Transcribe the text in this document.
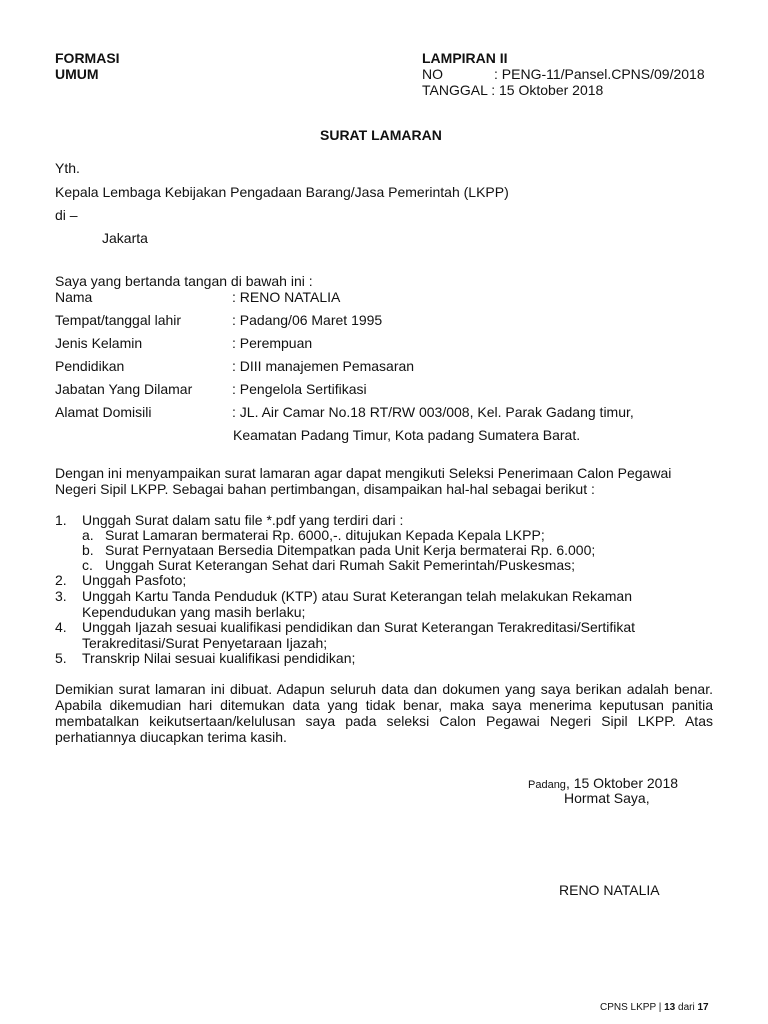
FORMASI
UMUM
LAMPIRAN II
NO	: PENG-11/Pansel.CPNS/09/2018
TANGGAL : 15 Oktober 2018
SURAT LAMARAN
Yth.
Kepala Lembaga Kebijakan Pengadaan Barang/Jasa Pemerintah (LKPP)
di –
Jakarta
Saya yang bertanda tangan di bawah ini :
Nama	: RENO NATALIA
Tempat/tanggal lahir	: Padang/06 Maret 1995
Jenis Kelamin	: Perempuan
Pendidikan	: DIII manajemen Pemasaran
Jabatan Yang Dilamar	: Pengelola Sertifikasi
Alamat Domisili	: JL. Air Camar No.18 RT/RW 003/008, Kel. Parak Gadang timur,
Keamatan Padang Timur, Kota padang Sumatera Barat.
Dengan ini menyampaikan surat lamaran agar dapat mengikuti Seleksi Penerimaan Calon Pegawai Negeri Sipil LKPP. Sebagai bahan pertimbangan, disampaikan hal-hal sebagai berikut :
1. Unggah Surat dalam satu file *.pdf yang terdiri dari :
a. Surat Lamaran bermaterai Rp. 6000,-. ditujukan Kepada Kepala LKPP;
b. Surat Pernyataan Bersedia Ditempatkan pada Unit Kerja bermaterai Rp. 6.000;
c. Unggah Surat Keterangan Sehat dari Rumah Sakit Pemerintah/Puskesmas;
2. Unggah Pasfoto;
3. Unggah Kartu Tanda Penduduk (KTP) atau Surat Keterangan telah melakukan Rekaman
Kependudukan yang masih berlaku;
4. Unggah Ijazah sesuai kualifikasi pendidikan dan Surat Keterangan Terakreditasi/Sertifikat
Terakreditasi/Surat Penyetaraan Ijazah;
5. Transkrip Nilai sesuai kualifikasi pendidikan;
Demikian surat lamaran ini dibuat. Adapun seluruh data dan dokumen yang saya berikan adalah benar. Apabila dikemudian hari ditemukan data yang tidak benar, maka saya menerima keputusan panitia membatalkan keikutsertaan/kelulusan saya pada seleksi Calon Pegawai Negeri Sipil LKPP. Atas perhatiannya diucapkan terima kasih.
Padang, 15 Oktober 2018
Hormat Saya,
RENO NATALIA
CPNS LKPP | 13 dari 17
